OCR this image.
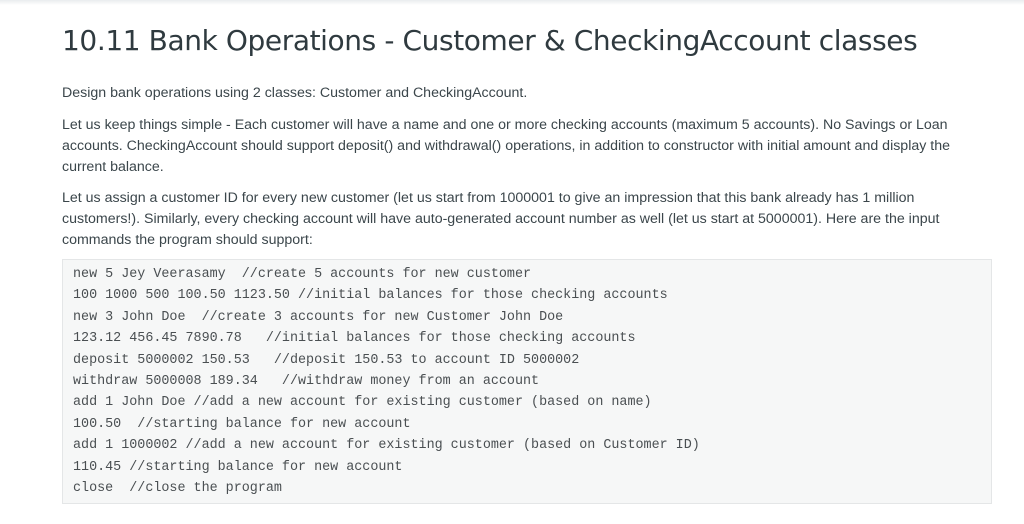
10.11 Bank Operations - Customer & CheckingAccount classes

Design bank operations using 2 classes: Customer and CheckingAccount.

Let us keep things simple - Each customer will have a name and one or more checking accounts (maximum 5 accounts). No Savings or Loan accounts. CheckingAccount should support deposit() and withdrawal() operations, in addition to constructor with initial amount and display the current balance.

Let us assign a customer ID for every new customer (let us start from 1000001 to give an impression that this bank already has 1 million customers!). Similarly, every checking account will have auto-generated account number as well (let us start at 5000001). Here are the input commands the program should support:

new 5 Jey Veerasamy  //create 5 accounts for new customer
100 1000 500 100.50 1123.50 //initial balances for those checking accounts
new 3 John Doe  //create 3 accounts for new Customer John Doe
123.12 456.45 7890.78   //initial balances for those checking accounts
deposit 5000002 150.53   //deposit 150.53 to account ID 5000002
withdraw 5000008 189.34   //withdraw money from an account
add 1 John Doe //add a new account for existing customer (based on name)
100.50  //starting balance for new account
add 1 1000002 //add a new account for existing customer (based on Customer ID)
110.45 //starting balance for new account
close  //close the program
